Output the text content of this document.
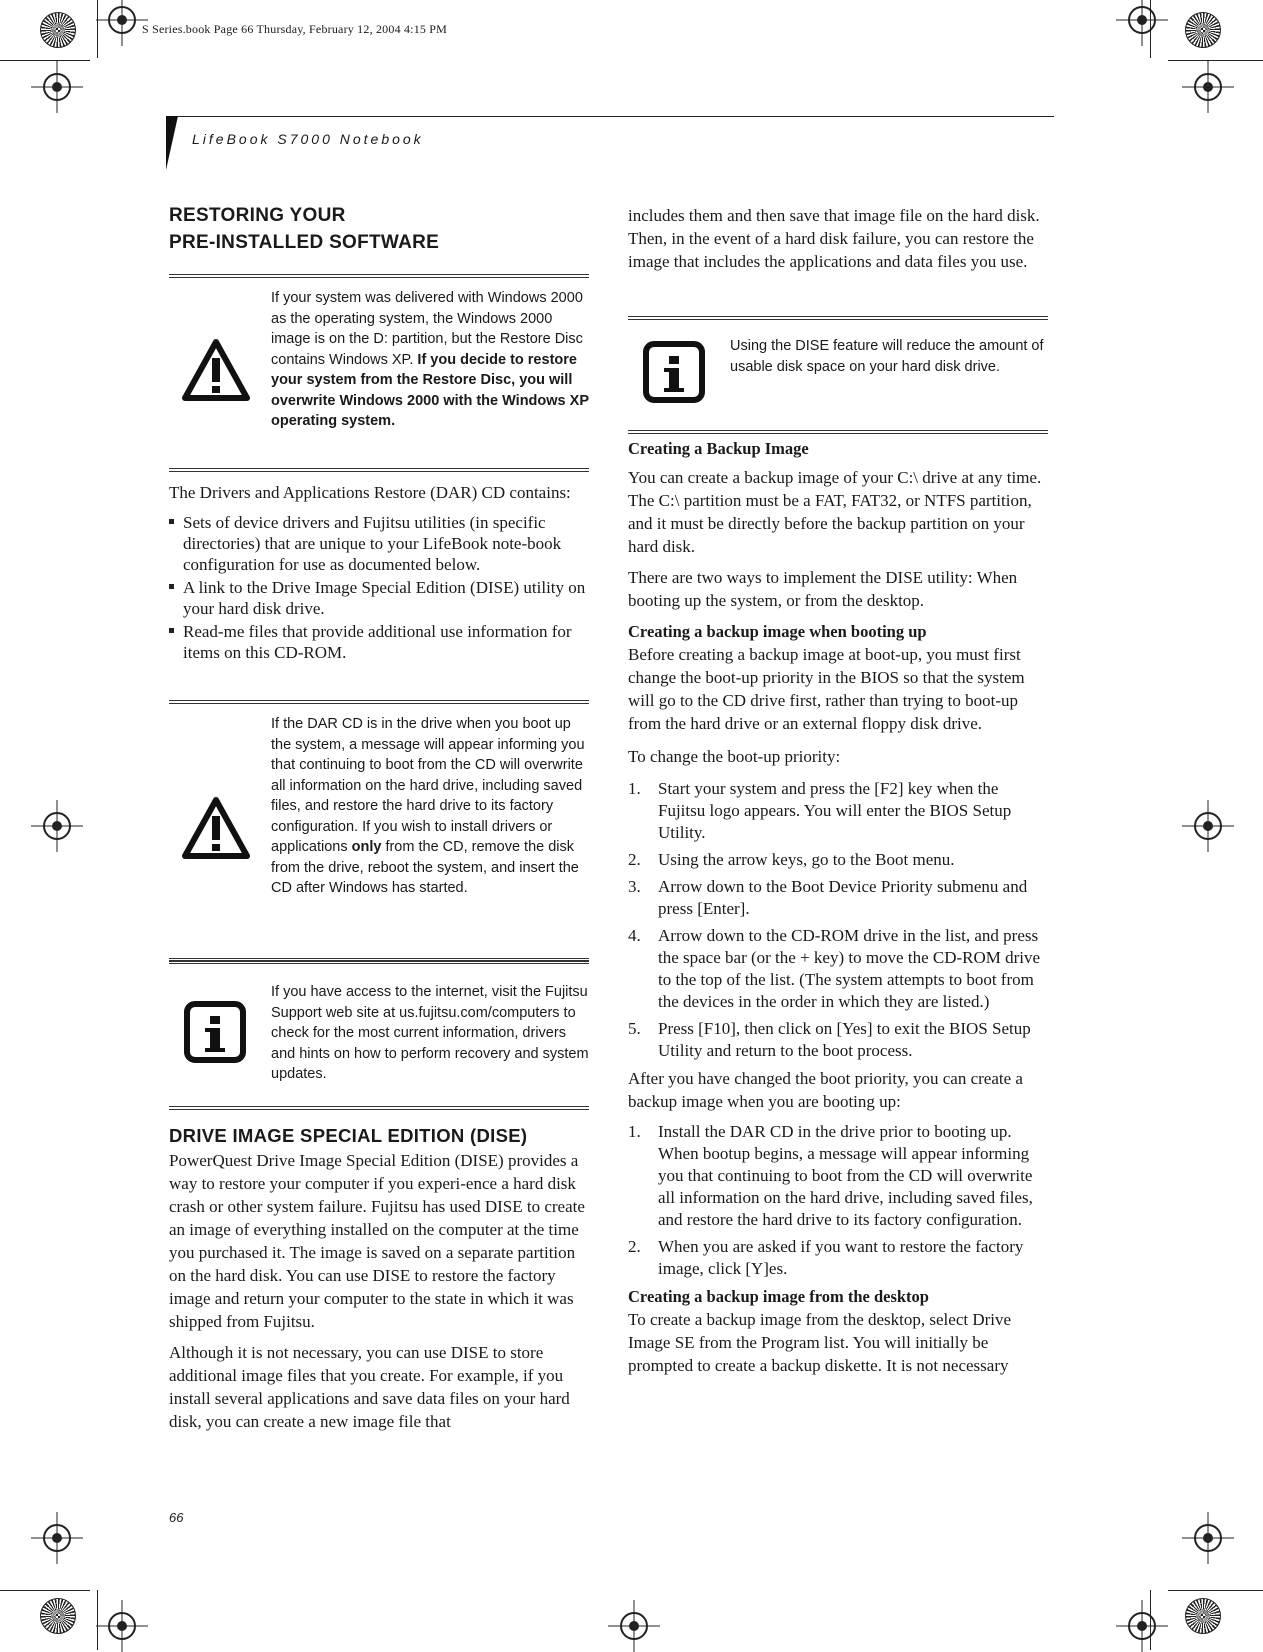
S Series.book Page 66 Thursday, February 12, 2004 4:15 PM
LifeBook S7000 Notebook

RESTORING YOUR

PRE-INSTALLED SOFTWARE

If your system was delivered with Windows 2000 as the operating system, the Windows 2000 image is on the D: partition, but the Restore Disc contains Windows XP. If you decide to restore your system from the Restore Disc, you will overwrite Windows 2000 with the Windows XP operating system.

The Drivers and Applications Restore (DAR) CD contains:

Sets of device drivers and Fujitsu utilities (in specific directories) that are unique to your LifeBook note-book configuration for use as documented below.
A link to the Drive Image Special Edition (DISE) utility on your hard disk drive.
Read-me files that provide additional use information for items on this CD-ROM.
If the DAR CD is in the drive when you boot up the system, a message will appear informing you that continuing to boot from the CD will overwrite all information on the hard drive, including saved files, and restore the hard drive to its factory configuration. If you wish to install drivers or applications only from the CD, remove the disk from the drive, reboot the system, and insert the CD after Windows has started.
If you have access to the internet, visit the Fujitsu Support web site at us.fujitsu.com/computers to check for the most current information, drivers and hints on how to perform recovery and system updates.

DRIVE IMAGE SPECIAL EDITION (DISE)

PowerQuest Drive Image Special Edition (DISE) provides a way to restore your computer if you experi-ence a hard disk crash or other system failure. Fujitsu has used DISE to create an image of everything installed on the computer at the time you purchased it. The image is saved on a separate partition on the hard disk. You can use DISE to restore the factory image and return your computer to the state in which it was shipped from Fujitsu.

Although it is not necessary, you can use DISE to store additional image files that you create. For example, if you install several applications and save data files on your hard disk, you can create a new image file that

includes them and then save that image file on the hard disk. Then, in the event of a hard disk failure, you can restore the image that includes the applications and data files you use.

Using the DISE feature will reduce the amount of usable disk space on your hard disk drive.

Creating a Backup Image

You can create a backup image of your C:\ drive at any time. The C:\ partition must be a FAT, FAT32, or NTFS partition, and it must be directly before the backup partition on your hard disk.

There are two ways to implement the DISE utility: When booting up the system, or from the desktop.

Creating a backup image when booting up

Before creating a backup image at boot-up, you must first change the boot-up priority in the BIOS so that the system will go to the CD drive first, rather than trying to boot-up from the hard drive or an external floppy disk drive.

To change the boot-up priority:

1. Start your system and press the [F2] key when the Fujitsu logo appears. You will enter the BIOS Setup Utility.
2. Using the arrow keys, go to the Boot menu.
3. Arrow down to the Boot Device Priority submenu and press [Enter].
4. Arrow down to the CD-ROM drive in the list, and press the space bar (or the + key) to move the CD-ROM drive to the top of the list. (The system attempts to boot from the devices in the order in which they are listed.)
5. Press [F10], then click on [Yes] to exit the BIOS Setup Utility and return to the boot process.

After you have changed the boot priority, you can create a backup image when you are booting up:

1. Install the DAR CD in the drive prior to booting up. When bootup begins, a message will appear informing you that continuing to boot from the CD will overwrite all information on the hard drive, including saved files, and restore the hard drive to its factory configuration.
2. When you are asked if you want to restore the factory image, click [Y]es.

Creating a backup image from the desktop

To create a backup image from the desktop, select Drive Image SE from the Program list. You will initially be prompted to create a backup diskette. It is not necessary

66
